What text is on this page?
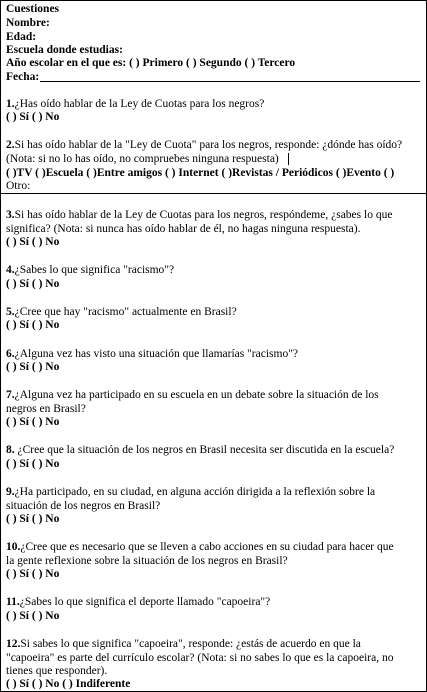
Cuestiones
Nombre:
Edad:
Escuela donde estudias:
Año escolar en el que es: ( ) Primero ( ) Segundo ( ) Tercero
Fecha:
1.¿Has oído hablar de la Ley de Cuotas para los negros?
( ) Sí ( ) No
2.Si has oído hablar de la "Ley de Cuota" para los negros, responde: ¿dónde has oído?
(Nota: si no lo has oído, no compruebes ninguna respuesta)
( )TV ( )Escuela ( )Entre amigos ( ) Internet ( )Revistas / Periódicos ( )Evento ( )
Otro:
3.Si has oído hablar de la Ley de Cuotas para los negros, respóndeme, ¿sabes lo que
significa? (Nota: si nunca has oído hablar de él, no hagas ninguna respuesta).
( ) Sí ( ) No
4.¿Sabes lo que significa "racismo"?
( ) Sí ( ) No
5.¿Cree que hay "racismo" actualmente en Brasil?
( ) Sí ( ) No
6.¿Alguna vez has visto una situación que llamarías "racismo"?
( ) Sí ( ) No
7.¿Alguna vez ha participado en su escuela en un debate sobre la situación de los
negros en Brasil?
( ) Sí ( ) No
8. ¿Cree que la situación de los negros en Brasil necesita ser discutida en la escuela?
( ) Sí ( ) No
9.¿Ha participado, en su ciudad, en alguna acción dirigida a la reflexión sobre la
situación de los negros en Brasil?
( ) Sí ( ) No
10.¿Cree que es necesario que se lleven a cabo acciones en su ciudad para hacer que
la gente reflexione sobre la situación de los negros en Brasil?
( ) Sí ( ) No
11.¿Sabes lo que significa el deporte llamado "capoeira"?
( ) Sí ( ) No
12.Si sabes lo que significa "capoeira", responde: ¿estás de acuerdo en que la
"capoeira" es parte del currículo escolar? (Nota: si no sabes lo que es la capoeira, no
tienes que responder).
( ) Sí ( ) No ( ) Indiferente
